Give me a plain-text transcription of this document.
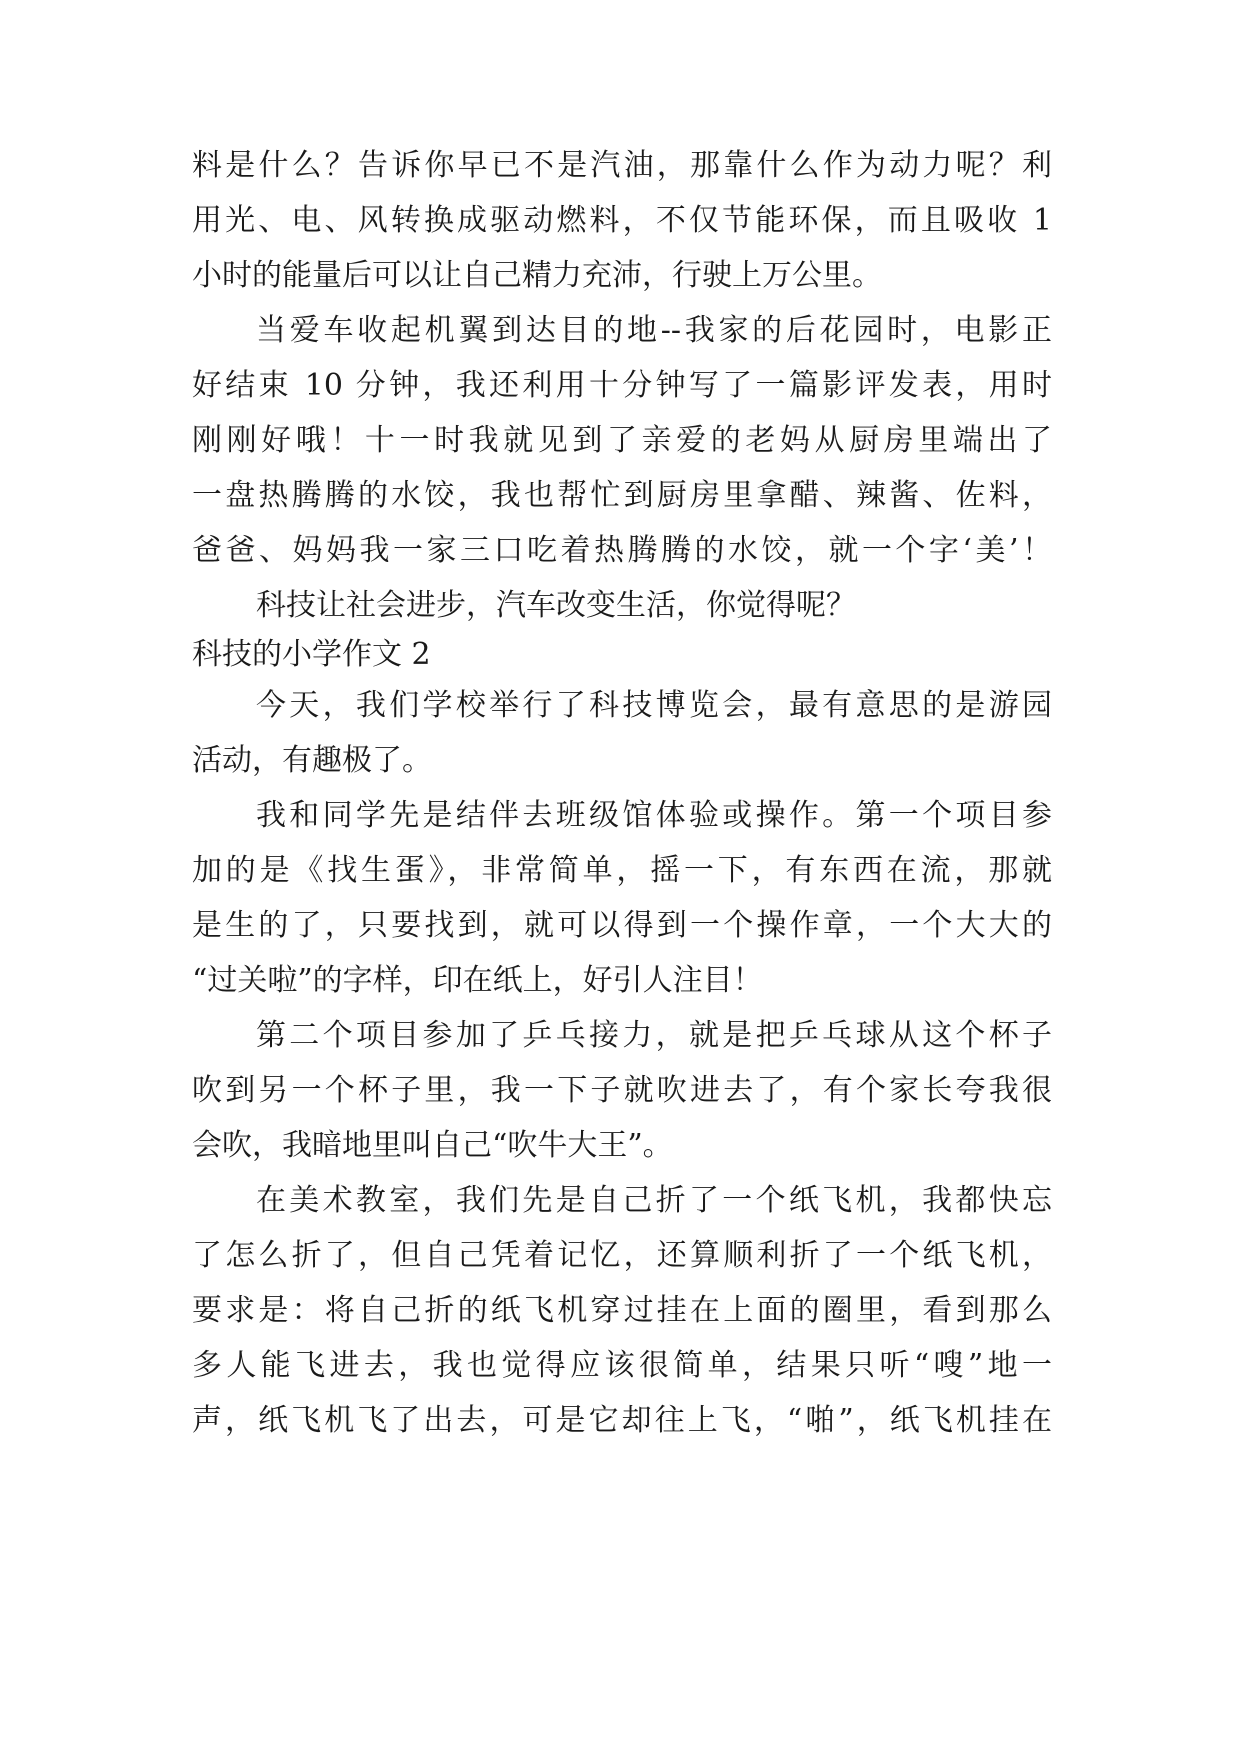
料是什么？告诉你早已不是汽油，那靠什么作为动力呢？利
用光、电、风转换成驱动燃料，不仅节能环保，而且吸收 1
小时的能量后可以让自己精力充沛，行驶上万公里。
当爱车收起机翼到达目的地--我家的后花园时，电影正
好结束 10 分钟，我还利用十分钟写了一篇影评发表，用时
刚刚好哦！十一时我就见到了亲爱的老妈从厨房里端出了
一盘热腾腾的水饺，我也帮忙到厨房里拿醋、辣酱、佐料，
爸爸、妈妈我一家三口吃着热腾腾的水饺，就一个字‘美’！
科技让社会进步，汽车改变生活，你觉得呢？
科技的小学作文 2
今天，我们学校举行了科技博览会，最有意思的是游园
活动，有趣极了。
我和同学先是结伴去班级馆体验或操作。第一个项目参
加的是《找生蛋》，非常简单，摇一下，有东西在流，那就
是生的了，只要找到，就可以得到一个操作章，一个大大的
“过关啦”的字样，印在纸上，好引人注目！
第二个项目参加了乒乓接力，就是把乒乓球从这个杯子
吹到另一个杯子里，我一下子就吹进去了，有个家长夸我很
会吹，我暗地里叫自己“吹牛大王”。
在美术教室，我们先是自己折了一个纸飞机，我都快忘
了怎么折了，但自己凭着记忆，还算顺利折了一个纸飞机，
要求是：将自己折的纸飞机穿过挂在上面的圈里，看到那么
多人能飞进去，我也觉得应该很简单，结果只听“嗖”地一
声，纸飞机飞了出去，可是它却往上飞，“啪”，纸飞机挂在
